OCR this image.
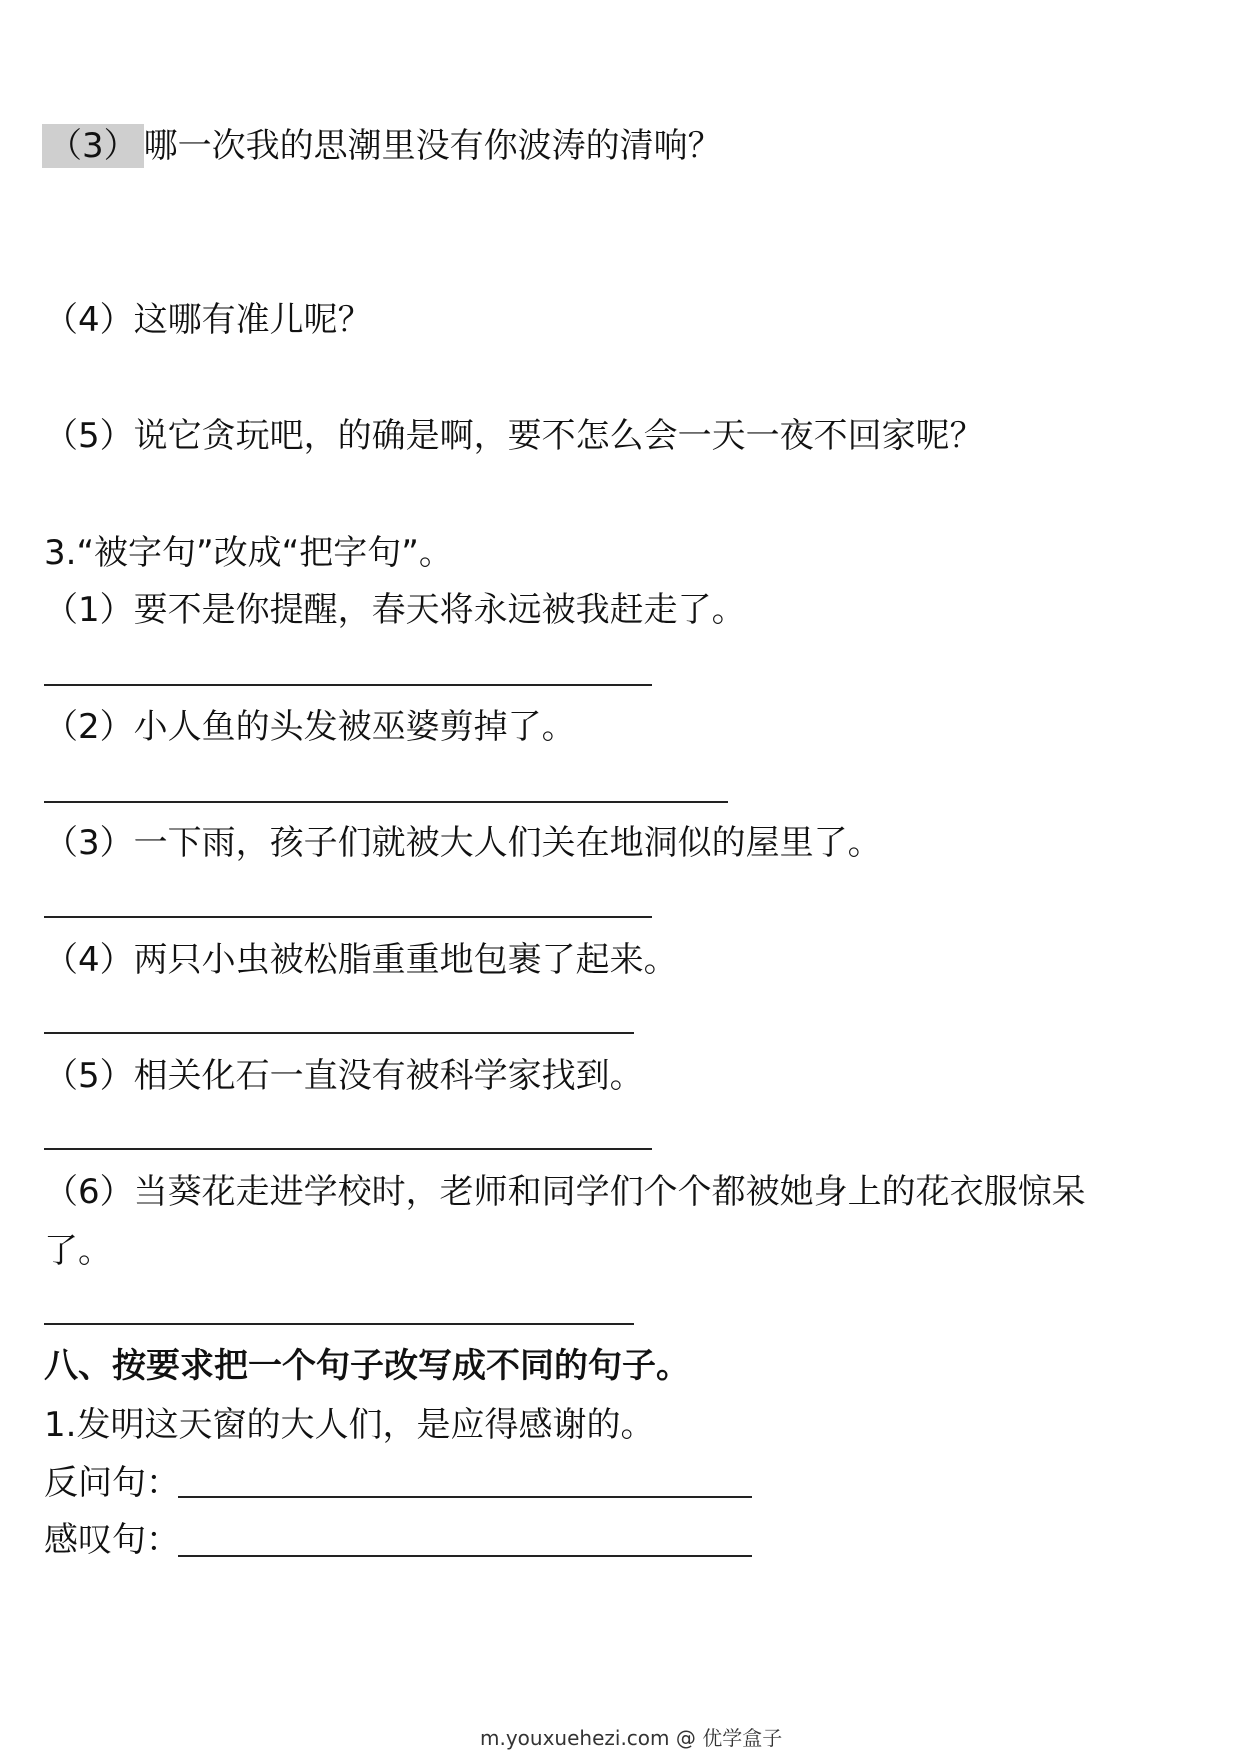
（3） 哪一次我的思潮里没有你波涛的清响？
（4）这哪有准儿呢？
（5）说它贪玩吧，的确是啊，要不怎么会一天一夜不回家呢？
3.“被字句”改成“把字句”。
（1）要不是你提醒，春天将永远被我赶走了。
（2）小人鱼的头发被巫婆剪掉了。
（3）一下雨，孩子们就被大人们关在地洞似的屋里了。
（4）两只小虫被松脂重重地包裹了起来。
（5）相关化石一直没有被科学家找到。
（6）当葵花走进学校时，老师和同学们个个都被她身上的花衣服惊呆
了。
八、按要求把一个句子改写成不同的句子。
1.发明这天窗的大人们，是应得感谢的。
反问句：
感叹句：
m.youxuehezi.com @ 优学盒子
